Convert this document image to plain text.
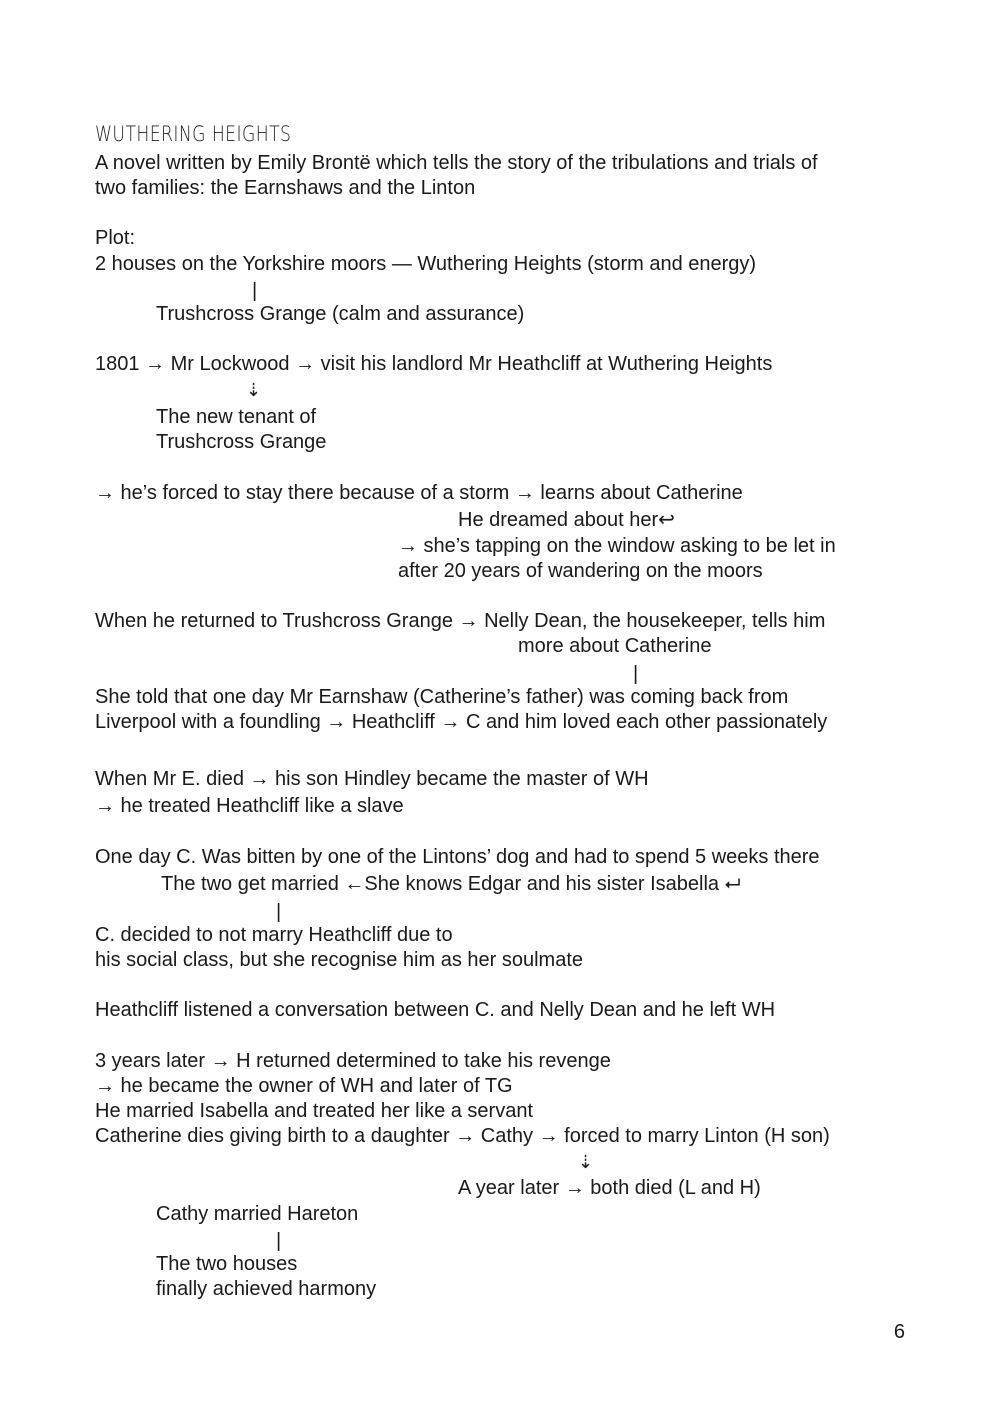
WUTHERING HEIGHTS
A novel written by Emily Brontë which tells the story of the tribulations and trials of
two families: the Earnshaws and the Linton
Plot:
2 houses on the Yorkshire moors — Wuthering Heights (storm and energy)
|
Trushcross Grange (calm and assurance)
1801 → Mr Lockwood → visit his landlord Mr Heathcliff at Wuthering Heights
⇣
The new tenant of
Trushcross Grange
→ he’s forced to stay there because of a storm → learns about Catherine
He dreamed about her↩
→ she’s tapping on the window asking to be let in
after 20 years of wandering on the moors
When he returned to Trushcross Grange → Nelly Dean, the housekeeper, tells him
more about Catherine
|
She told that one day Mr Earnshaw (Catherine’s father) was coming back from
Liverpool with a foundling → Heathcliff → C and him loved each other passionately
When Mr E. died → his son Hindley became the master of WH
→ he treated Heathcliff like a slave
One day C. Was bitten by one of the Lintons’ dog and had to spend 5 weeks there
The two get married ←She knows Edgar and his sister Isabella ⮠
|
C. decided to not marry Heathcliff due to
his social class, but she recognise him as her soulmate
Heathcliff listened a conversation between C. and Nelly Dean and he left WH
3 years later → H returned determined to take his revenge
→ he became the owner of WH and later of TG
He married Isabella and treated her like a servant
Catherine dies giving birth to a daughter → Cathy → forced to marry Linton (H son)
⇣
A year later → both died (L and H)
Cathy married Hareton
|
The two houses
finally achieved harmony
6
